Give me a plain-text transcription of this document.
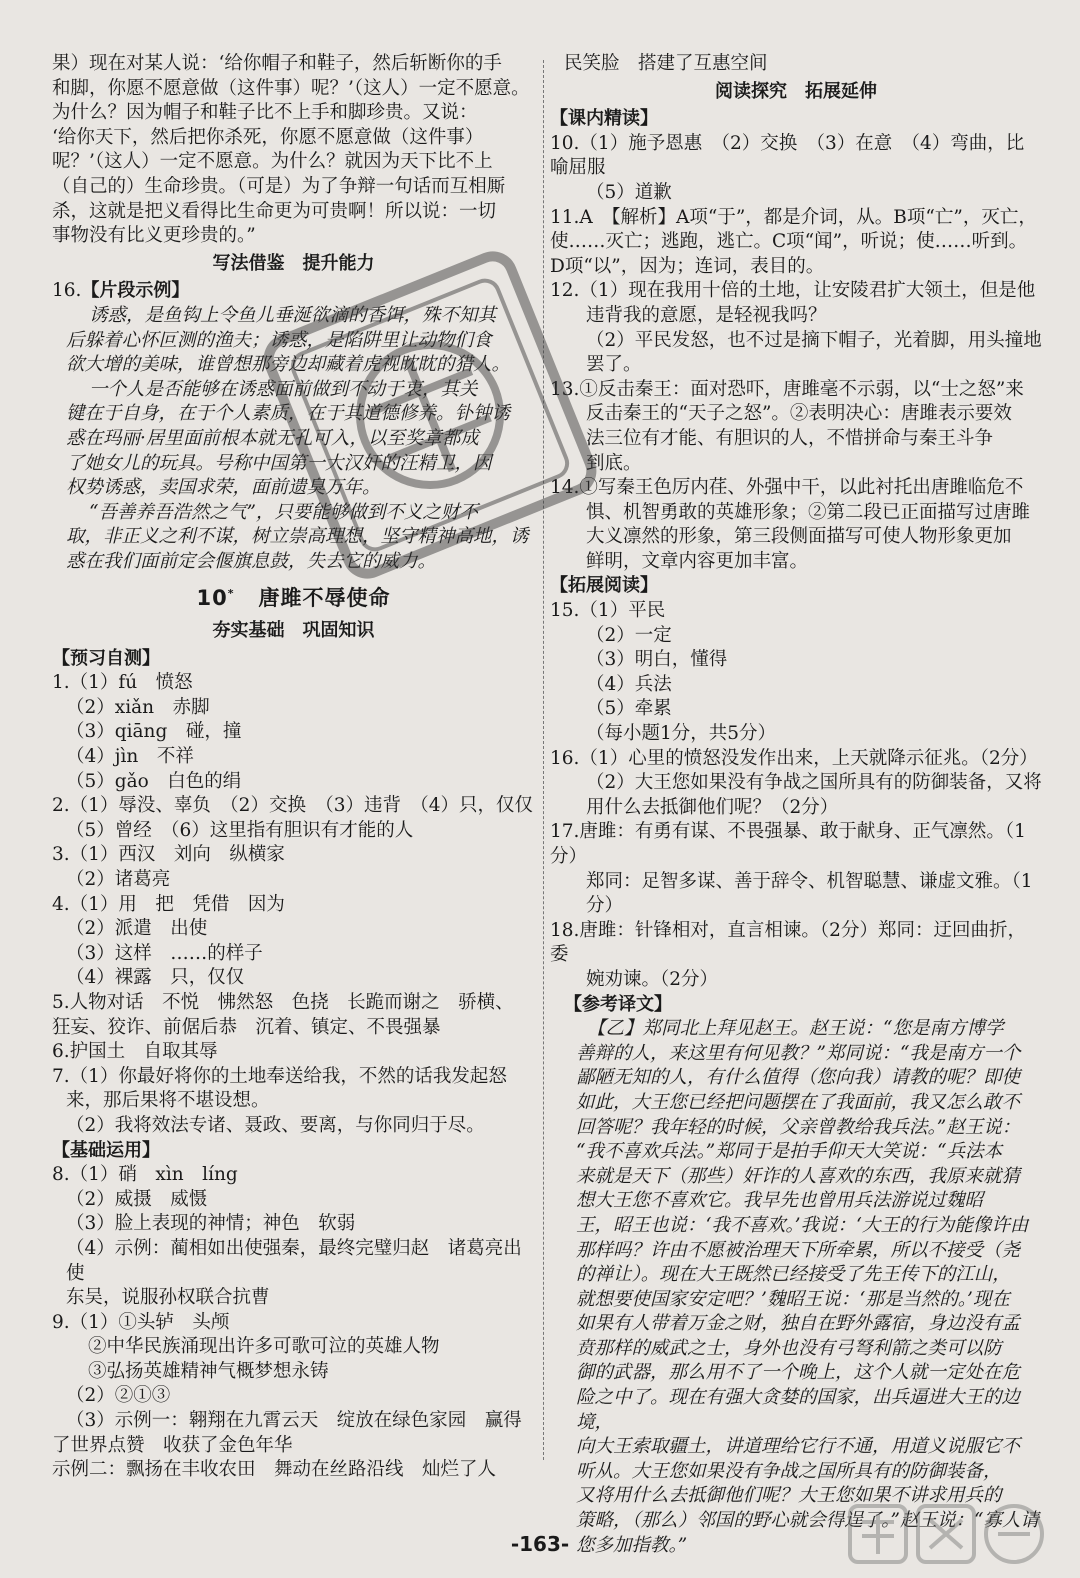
果）现在对某人说：‘给你帽子和鞋子，然后斩断你的手
和脚，你愿不愿意做（这件事）呢？’（这人）一定不愿意。
为什么？因为帽子和鞋子比不上手和脚珍贵。又说：
‘给你天下，然后把你杀死，你愿不愿意做（这件事）
呢？’（这人）一定不愿意。为什么？就因为天下比不上
（自己的）生命珍贵。（可是）为了争辩一句话而互相厮
杀，这就是把义看得比生命更为可贵啊！所以说：一切
事物没有比义更珍贵的。”
写法借鉴　提升能力
16.【片段示例】
诱惑，是鱼钩上令鱼儿垂涎欲滴的香饵，殊不知其
后躲着心怀叵测的渔夫；诱惑，是陷阱里让动物们食
欲大增的美味，谁曾想那旁边却藏着虎视眈眈的猎人。
一个人是否能够在诱惑面前做到不动于衷，其关
键在于自身，在于个人素质，在于其道德修养。钋钟诱
惑在玛丽·居里面前根本就无孔可入，以至奖章都成
了她女儿的玩具。号称中国第一大汉奸的汪精卫，因
权势诱惑，卖国求荣，面前遗臭万年。
“吾善养吾浩然之气”，只要能够做到不义之财不
取，非正义之利不谋，树立崇高理想，坚守精神高地，诱
惑在我们面前定会偃旗息鼓，失去它的威力。
10* 唐雎不辱使命
夯实基础　巩固知识
【预习自测】
1.（1）fú　愤怒
（2）xiǎn　赤脚
（3）qiāng　碰，撞
（4）jìn　不祥
（5）gǎo　白色的绢
2.（1）辱没、辜负　（2）交换　（3）违背　（4）只，仅仅
（5）曾经　（6）这里指有胆识有才能的人
3.（1）西汉　刘向　纵横家
（2）诸葛亮
4.（1）用　把　凭借　因为
（2）派遣　出使
（3）这样　……的样子
（4）裸露　只，仅仅
5.人物对话　不悦　怫然怒　色挠　长跪而谢之　骄横、
狂妄、狡诈、前倨后恭　沉着、镇定、不畏强暴
6.护国土　自取其辱
7.（1）你最好将你的土地奉送给我，不然的话我发起怒
来，那后果将不堪设想。
（2）我将效法专诸、聂政、要离，与你同归于尽。
【基础运用】
8.（1）硝　xìn　líng
（2）威摄　威慑
（3）脸上表现的神情；神色　软弱
（4）示例：蔺相如出使强秦，最终完璧归赵　诸葛亮出使
东吴，说服孙权联合抗曹
9.（1）①头轳　头颅
②中华民族涌现出许多可歌可泣的英雄人物
③弘扬英雄精神气概梦想永铸
（2）②①③
（3）示例一：翱翔在九霄云天　绽放在绿色家园　赢得
了世界点赞　收获了金色年华
示例二：飘扬在丰收农田　舞动在丝路沿线　灿烂了人
民笑脸　搭建了互惠空间
阅读探究　拓展延伸
【课内精读】
10.（1）施予恩惠　（2）交换　（3）在意　（4）弯曲，比喻屈服
（5）道歉
11.A　【解析】A项“于”，都是介词，从。B项“亡”，灭亡，
使……灭亡；逃跑，逃亡。C项“闻”，听说；使……听到。
D项“以”，因为；连词，表目的。
12.（1）现在我用十倍的土地，让安陵君扩大领土，但是他
违背我的意愿，是轻视我吗？
（2）平民发怒，也不过是摘下帽子，光着脚，用头撞地
罢了。
13.①反击秦王：面对恐吓，唐雎毫不示弱，以“士之怒”来
反击秦王的“天子之怒”。②表明决心：唐雎表示要效
法三位有才能、有胆识的人，不惜拼命与秦王斗争
到底。
14.①写秦王色厉内荏、外强中干，以此衬托出唐雎临危不
惧、机智勇敢的英雄形象；②第二段已正面描写过唐雎
大义凛然的形象，第三段侧面描写可使人物形象更加
鲜明，文章内容更加丰富。
【拓展阅读】
15.（1）平民
（2）一定
（3）明白，懂得
（4）兵法
（5）牵累
（每小题1分，共5分）
16.（1）心里的愤怒没发作出来，上天就降示征兆。（2分）
（2）大王您如果没有争战之国所具有的防御装备，又将
用什么去抵御他们呢？（2分）
17.唐雎：有勇有谋、不畏强暴、敢于献身、正气凛然。（1分）
郑同：足智多谋、善于辞令、机智聪慧、谦虚文雅。（1分）
18.唐雎：针锋相对，直言相谏。（2分）郑同：迂回曲折，委
婉劝谏。（2分）
【参考译文】
【乙】郑同北上拜见赵王。赵王说：“您是南方博学
善辩的人，来这里有何见教？”郑同说：“我是南方一个
鄙陋无知的人，有什么值得（您向我）请教的呢？即使
如此，大王您已经把问题摆在了我面前，我又怎么敢不
回答呢？我年轻的时候，父亲曾教给我兵法。”赵王说：
“我不喜欢兵法。”郑同于是拍手仰天大笑说：“兵法本
来就是天下（那些）奸诈的人喜欢的东西，我原来就猜
想大王您不喜欢它。我早先也曾用兵法游说过魏昭
王，昭王也说：‘我不喜欢。’我说：‘大王的行为能像许由
那样吗？许由不愿被治理天下所牵累，所以不接受（尧
的禅让）。现在大王既然已经接受了先王传下的江山，
就想要使国家安定吧？’魏昭王说：‘那是当然的。’现在
如果有人带着万金之财，独自在野外露宿，身边没有孟
贲那样的威武之士，身外也没有弓弩利箭之类可以防
御的武器，那么用不了一个晚上，这个人就一定处在危
险之中了。现在有强大贪婪的国家，出兵逼进大王的边境，
向大王索取疆土，讲道理给它行不通，用道义说服它不
听从。大王您如果没有争战之国所具有的防御装备，
又将用什么去抵御他们呢？大王您如果不讲求用兵的
策略，（那么）邻国的野心就会得逞了。”赵王说：“寡人请
您多加指教。”
-163-
